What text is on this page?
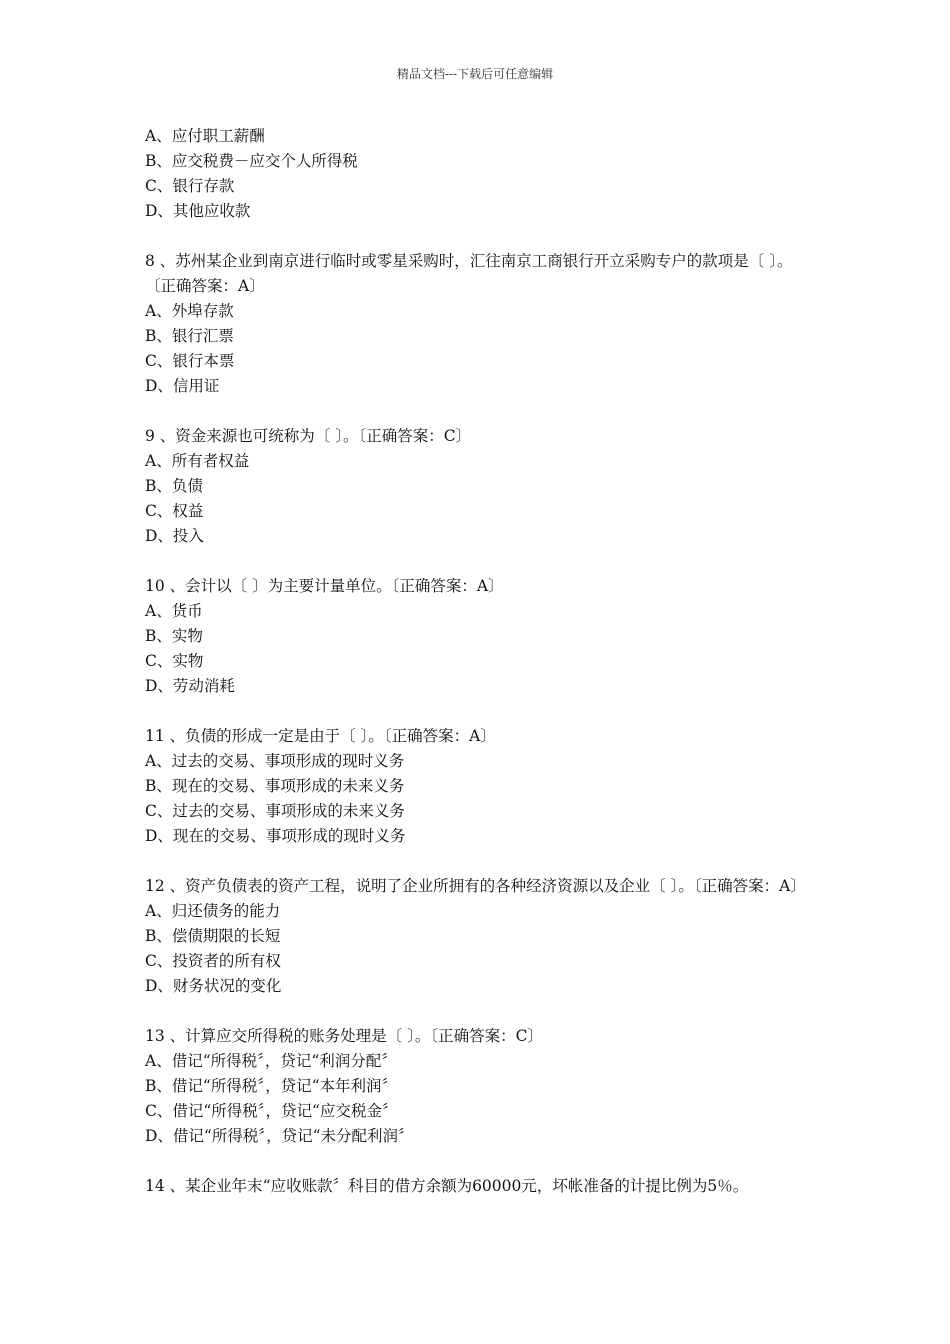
精品文档---下载后可任意编辑
A、应付职工薪酬
B、应交税费－应交个人所得税
C、银行存款
D、其他应收款
8 、苏州某企业到南京进行临时或零星采购时，汇往南京工商银行开立采购专户的款项是〔 〕。〔正确答案：A〕
A、外埠存款
B、银行汇票
C、银行本票
D、信用证
9 、资金来源也可统称为〔 〕。〔正确答案：C〕
A、所有者权益
B、负债
C、权益
D、投入
10 、会计以〔 〕为主要计量单位。〔正确答案：A〕
A、货币
B、实物
C、实物
D、劳动消耗
11 、负债的形成一定是由于〔 〕。〔正确答案：A〕
A、过去的交易、事项形成的现时义务
B、现在的交易、事项形成的未来义务
C、过去的交易、事项形成的未来义务
D、现在的交易、事项形成的现时义务
12 、资产负债表的资产工程，说明了企业所拥有的各种经济资源以及企业〔 〕。〔正确答案：A〕
A、归还债务的能力
B、偿债期限的长短
C、投资者的所有权
D、财务状况的变化
13 、计算应交所得税的账务处理是〔 〕。〔正确答案：C〕
A、借记“所得税〞，贷记“利润分配〞
B、借记“所得税〞，贷记“本年利润〞
C、借记“所得税〞，贷记“应交税金〞
D、借记“所得税〞，贷记“未分配利润〞
14 、某企业年末“应收账款〞科目的借方余额为60000元，坏帐准备的计提比例为5％。
